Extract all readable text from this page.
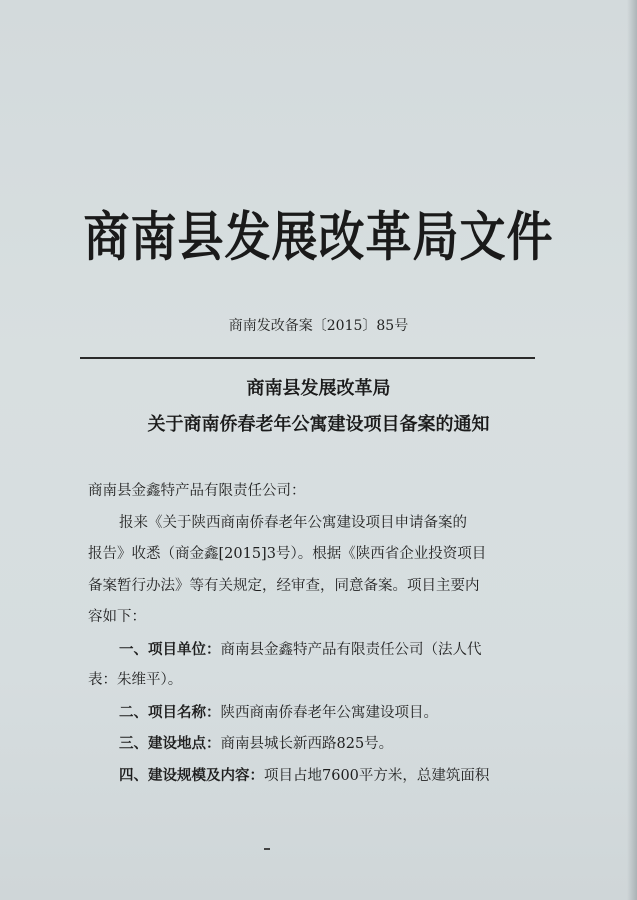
商南县发展改革局文件
商南发改备案〔2015〕85号
商南县发展改革局
关于商南侨春老年公寓建设项目备案的通知
商南县金鑫特产品有限责任公司：
报来《关于陕西商南侨春老年公寓建设项目申请备案的
报告》收悉（商金鑫[2015]3号）。根据《陕西省企业投资项目
备案暂行办法》等有关规定，经审查，同意备案。项目主要内
容如下：
一、项目单位：商南县金鑫特产品有限责任公司（法人代
表：朱维平）。
二、项目名称：陕西商南侨春老年公寓建设项目。
三、建设地点：商南县城长新西路825号。
四、建设规模及内容：项目占地7600平方米，总建筑面积
